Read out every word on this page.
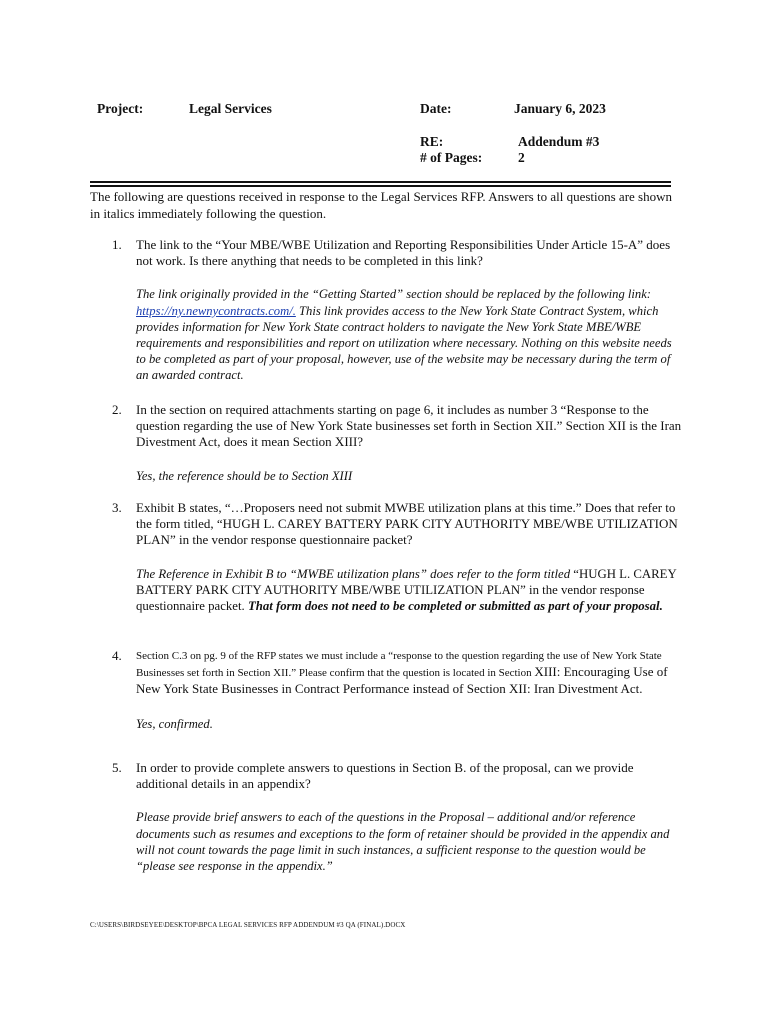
Project:	Legal Services	Date:	January 6, 2023
RE:	Addendum #3
# of Pages:	2
The following are questions received in response to the Legal Services RFP. Answers to all questions are shown in italics immediately following the question.
1. The link to the “Your MBE/WBE Utilization and Reporting Responsibilities Under Article 15-A” does not work. Is there anything that needs to be completed in this link?
The link originally provided in the “Getting Started” section should be replaced by the following link: https://ny.newnycontracts.com/. This link provides access to the New York State Contract System, which provides information for New York State contract holders to navigate the New York State MBE/WBE requirements and responsibilities and report on utilization where necessary. Nothing on this website needs to be completed as part of your proposal, however, use of the website may be necessary during the term of an awarded contract.
2. In the section on required attachments starting on page 6, it includes as number 3 “Response to the question regarding the use of New York State businesses set forth in Section XII.” Section XII is the Iran Divestment Act, does it mean Section XIII?
Yes, the reference should be to Section XIII
3. Exhibit B states, “…Proposers need not submit MWBE utilization plans at this time.” Does that refer to the form titled, “HUGH L. CAREY BATTERY PARK CITY AUTHORITY MBE/WBE UTILIZATION PLAN” in the vendor response questionnaire packet?
The Reference in Exhibit B to “MWBE utilization plans” does refer to the form titled “HUGH L. CAREY BATTERY PARK CITY AUTHORITY MBE/WBE UTILIZATION PLAN” in the vendor response questionnaire packet. That form does not need to be completed or submitted as part of your proposal.
4. Section C.3 on pg. 9 of the RFP states we must include a “response to the question regarding the use of New York State Businesses set forth in Section XII.” Please confirm that the question is located in Section XIII: Encouraging Use of New York State Businesses in Contract Performance instead of Section XII: Iran Divestment Act.
Yes, confirmed.
5. In order to provide complete answers to questions in Section B. of the proposal, can we provide additional details in an appendix?
Please provide brief answers to each of the questions in the Proposal – additional and/or reference documents such as resumes and exceptions to the form of retainer should be provided in the appendix and will not count towards the page limit in such instances, a sufficient response to the question would be “please see response in the appendix.”
C:\USERS\BIRDSEYEE\DESKTOP\BPCA LEGAL SERVICES RFP ADDENDUM #3 QA (FINAL).DOCX
